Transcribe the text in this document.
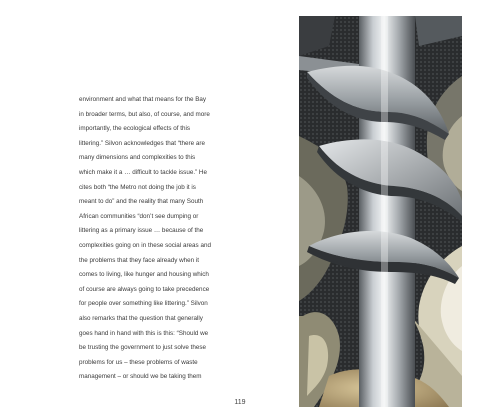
environment and what that means for the Bay
in broader terms, but also, of course, and more
importantly, the ecological effects of this
littering.” Silvon acknowledges that “there are
many dimensions and complexities to this
which make it a … difficult to tackle issue.” He
cites both “the Metro not doing the job it is
meant to do” and the reality that many South
African communities “don’t see dumping or
littering as a primary issue … because of the
complexities going on in these social areas and
the problems that they face already when it
comes to living, like hunger and housing which
of course are always going to take precedence
for people over something like littering.” Silvon
also remarks that the question that generally
goes hand in hand with this is this: “Should we
be trusting the government to just solve these
problems for us – these problems of waste
management – or should we be taking them
119
